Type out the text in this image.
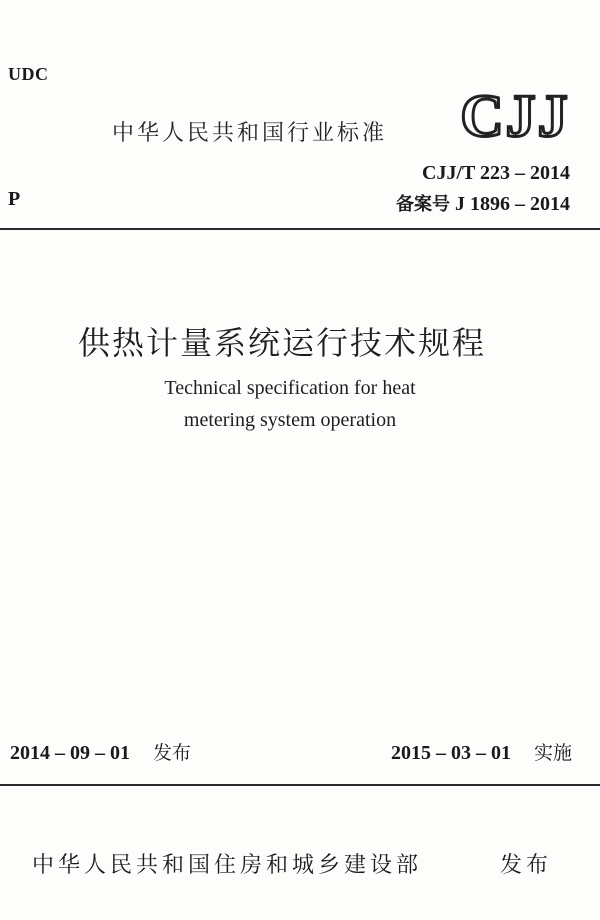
UDC
中华人民共和国行业标准 CJJ
CJJ/T 223 – 2014
P	备案号 J 1896 – 2014
供热计量系统运行技术规程
Technical specification for heat
metering system operation
2014 – 09 – 01 发布	2015 – 03 – 01 实施
中华人民共和国住房和城乡建设部	发布
